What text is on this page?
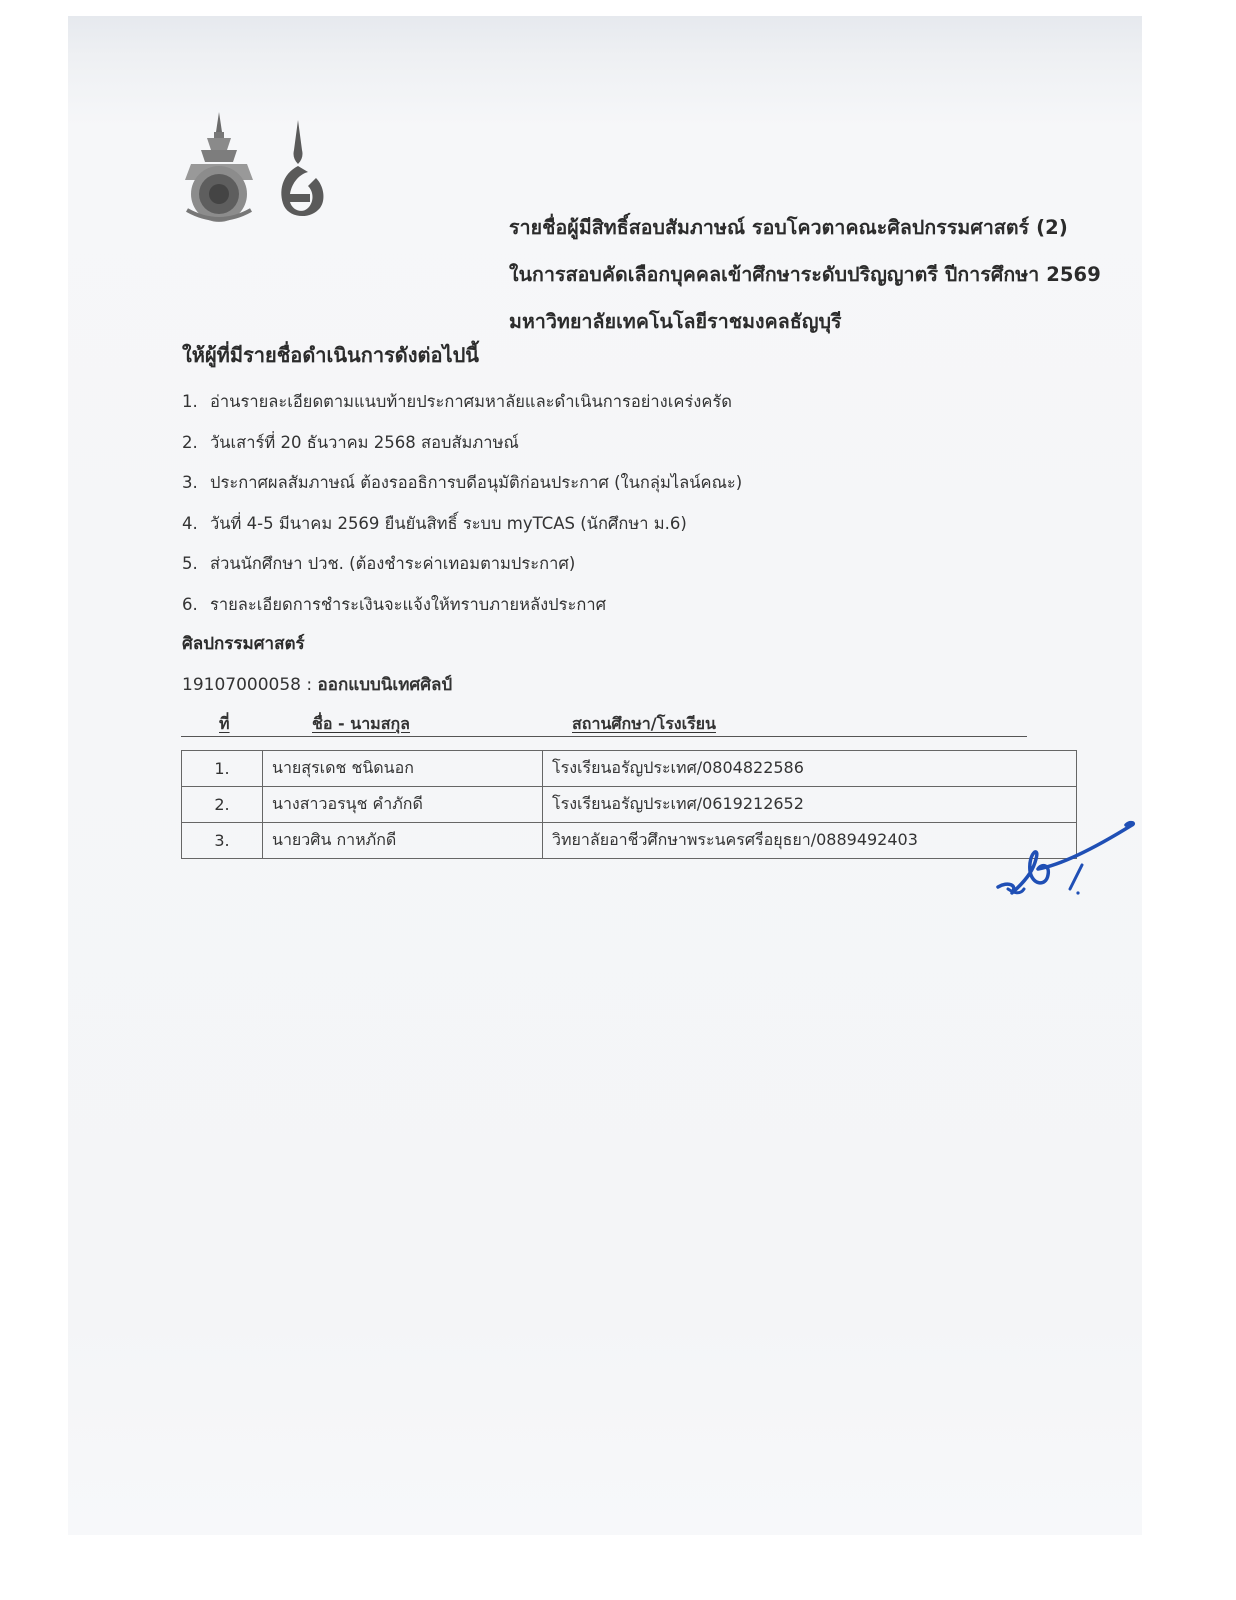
รายชื่อผู้มีสิทธิ์สอบสัมภาษณ์ รอบโควตาคณะศิลปกรรมศาสตร์ (2)
ในการสอบคัดเลือกบุคคลเข้าศึกษาระดับปริญญาตรี ปีการศึกษา 2569
มหาวิทยาลัยเทคโนโลยีราชมงคลธัญบุรี
ให้ผู้ที่มีรายชื่อดำเนินการดังต่อไปนี้
1. อ่านรายละเอียดตามแนบท้ายประกาศมหาลัยและดำเนินการอย่างเคร่งครัด
2. วันเสาร์ที่ 20 ธันวาคม 2568 สอบสัมภาษณ์
3. ประกาศผลสัมภาษณ์ ต้องรออธิการบดีอนุมัติก่อนประกาศ (ในกลุ่มไลน์คณะ)
4. วันที่ 4-5 มีนาคม 2569 ยืนยันสิทธิ์ ระบบ myTCAS (นักศึกษา ม.6)
5. ส่วนนักศึกษา ปวช. (ต้องชำระค่าเทอมตามประกาศ)
6. รายละเอียดการชำระเงินจะแจ้งให้ทราบภายหลังประกาศ
ศิลปกรรมศาสตร์
19107000058 : ออกแบบนิเทศศิลป์
ที่	ชื่อ - นามสกุล	สถานศึกษา/โรงเรียน
1.	นายสุรเดช ชนิดนอก	โรงเรียนอรัญประเทศ/0804822586
2.	นางสาวอรนุช คำภักดี	โรงเรียนอรัญประเทศ/0619212652
3.	นายวศิน กาหภักดี	วิทยาลัยอาชีวศึกษาพระนครศรีอยุธยา/0889492403
